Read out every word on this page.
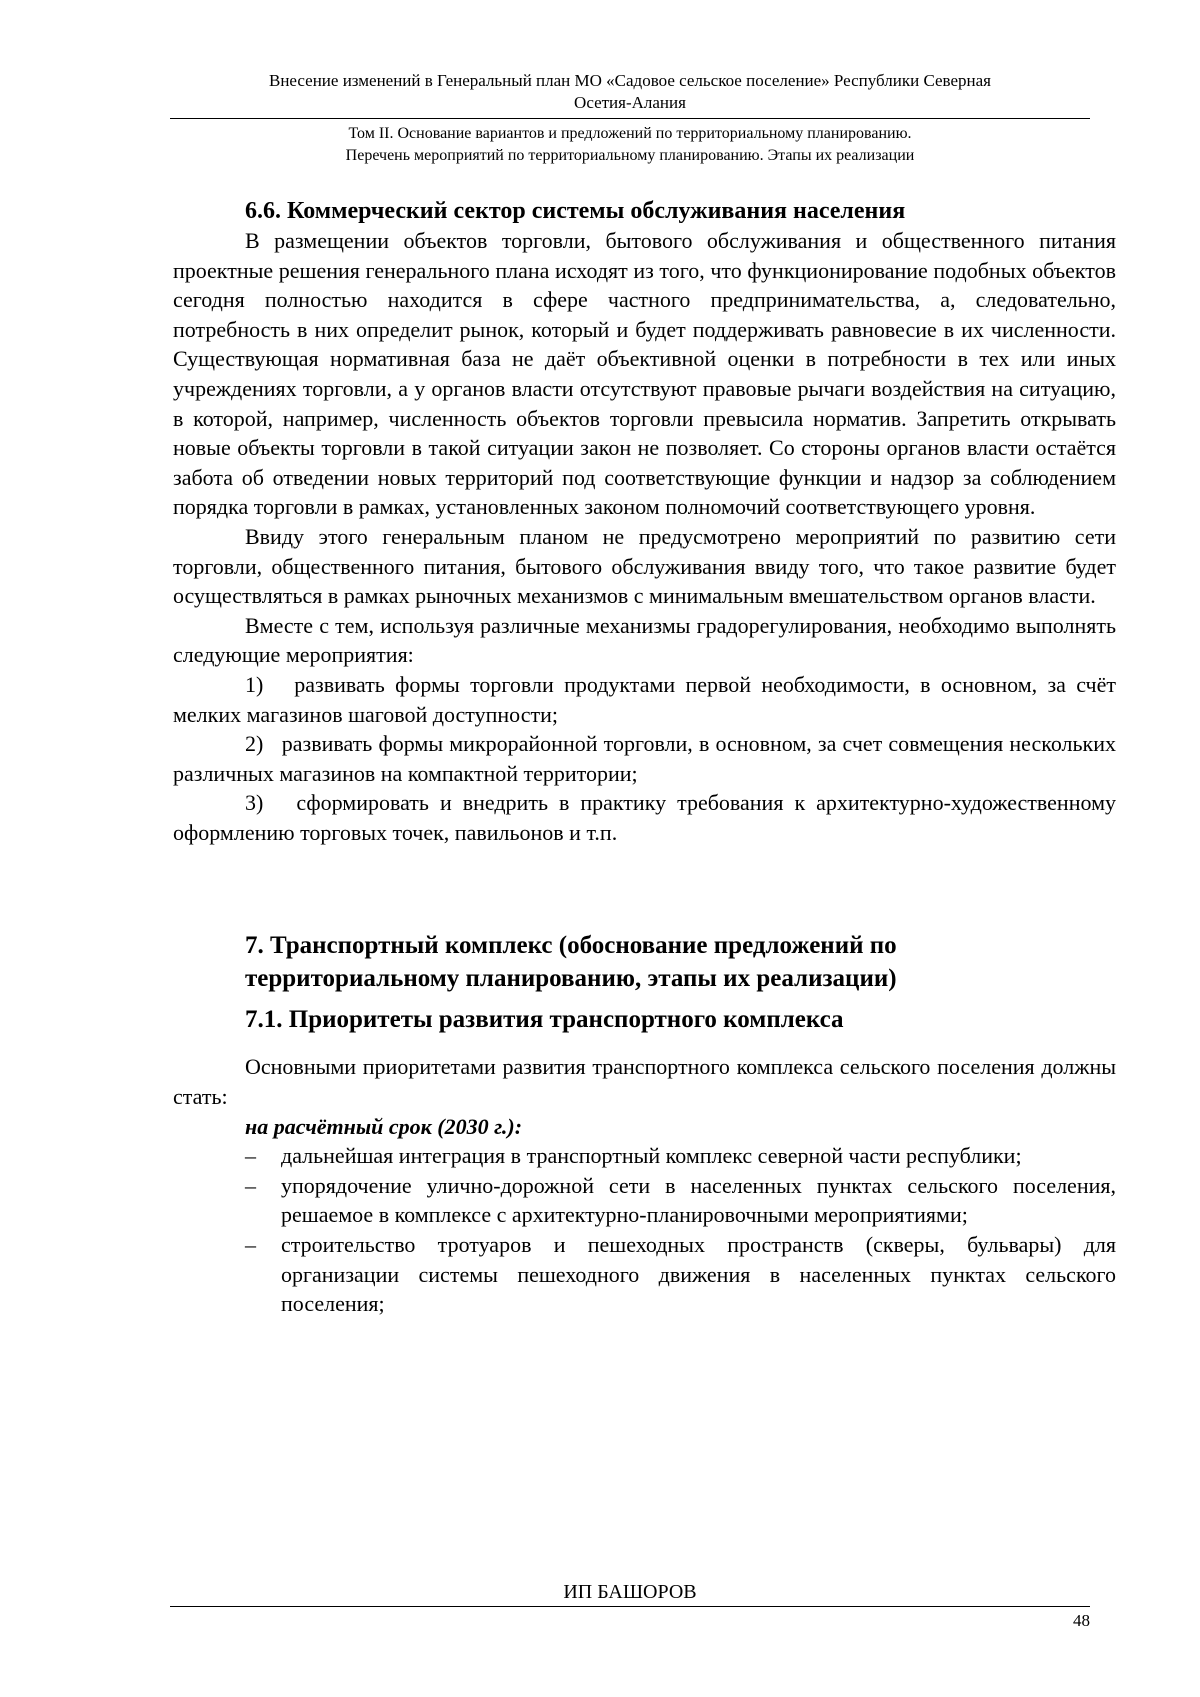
Внесение изменений в Генеральный план МО «Садовое сельское поселение» Республики Северная
Осетия-Алания
Том II. Основание вариантов и предложений по территориальному планированию.
Перечень мероприятий по территориальному планированию. Этапы их реализации
6.6. Коммерческий сектор системы обслуживания населения

В размещении объектов торговли, бытового обслуживания и общественного питания проектные решения генерального плана исходят из того, что функционирование подобных объектов сегодня полностью находится в сфере частного предпринимательства, а, следовательно, потребность в них определит рынок, который и будет поддерживать равновесие в их численности. Существующая нормативная база не даёт объективной оценки в потребности в тех или иных учреждениях торговли, а у органов власти отсутствуют правовые рычаги воздействия на ситуацию, в которой, например, численность объектов торговли превысила норматив. Запретить открывать новые объекты торговли в такой ситуации закон не позволяет. Со стороны органов власти остаётся забота об отведении новых территорий под соответствующие функции и надзор за соблюдением порядка торговли в рамках, установленных законом полномочий соответствующего уровня.

Ввиду этого генеральным планом не предусмотрено мероприятий по развитию сети торговли, общественного питания, бытового обслуживания ввиду того, что такое развитие будет осуществляться в рамках рыночных механизмов с минимальным вмешательством органов власти.

Вместе с тем, используя различные механизмы градорегулирования, необходимо выполнять следующие мероприятия:

1)   развивать формы торговли продуктами первой необходимости, в основном, за счёт мелких магазинов шаговой доступности;

2)   развивать формы микрорайонной торговли, в основном, за счет совмещения нескольких различных магазинов на компактной территории;

3)   сформировать и внедрить в практику требования к архитектурно-художественному оформлению торговых точек, павильонов и т.п.

7. Транспортный комплекс (обоснование предложений по
территориальному планированию, этапы их реализации)
7.1. Приоритеты развития транспортного комплекса

Основными приоритетами развития транспортного комплекса сельского поселения должны стать:

на расчётный срок (2030 г.):
– дальнейшая интеграция в транспортный комплекс северной части республики;
– упорядочение улично-дорожной сети в населенных пунктах сельского поселения, решаемое в комплексе с архитектурно-планировочными мероприятиями;
– строительство тротуаров и пешеходных пространств (скверы, бульвары) для организации системы пешеходного движения в населенных пунктах сельского поселения;
ИП БАШОРОВ
48
